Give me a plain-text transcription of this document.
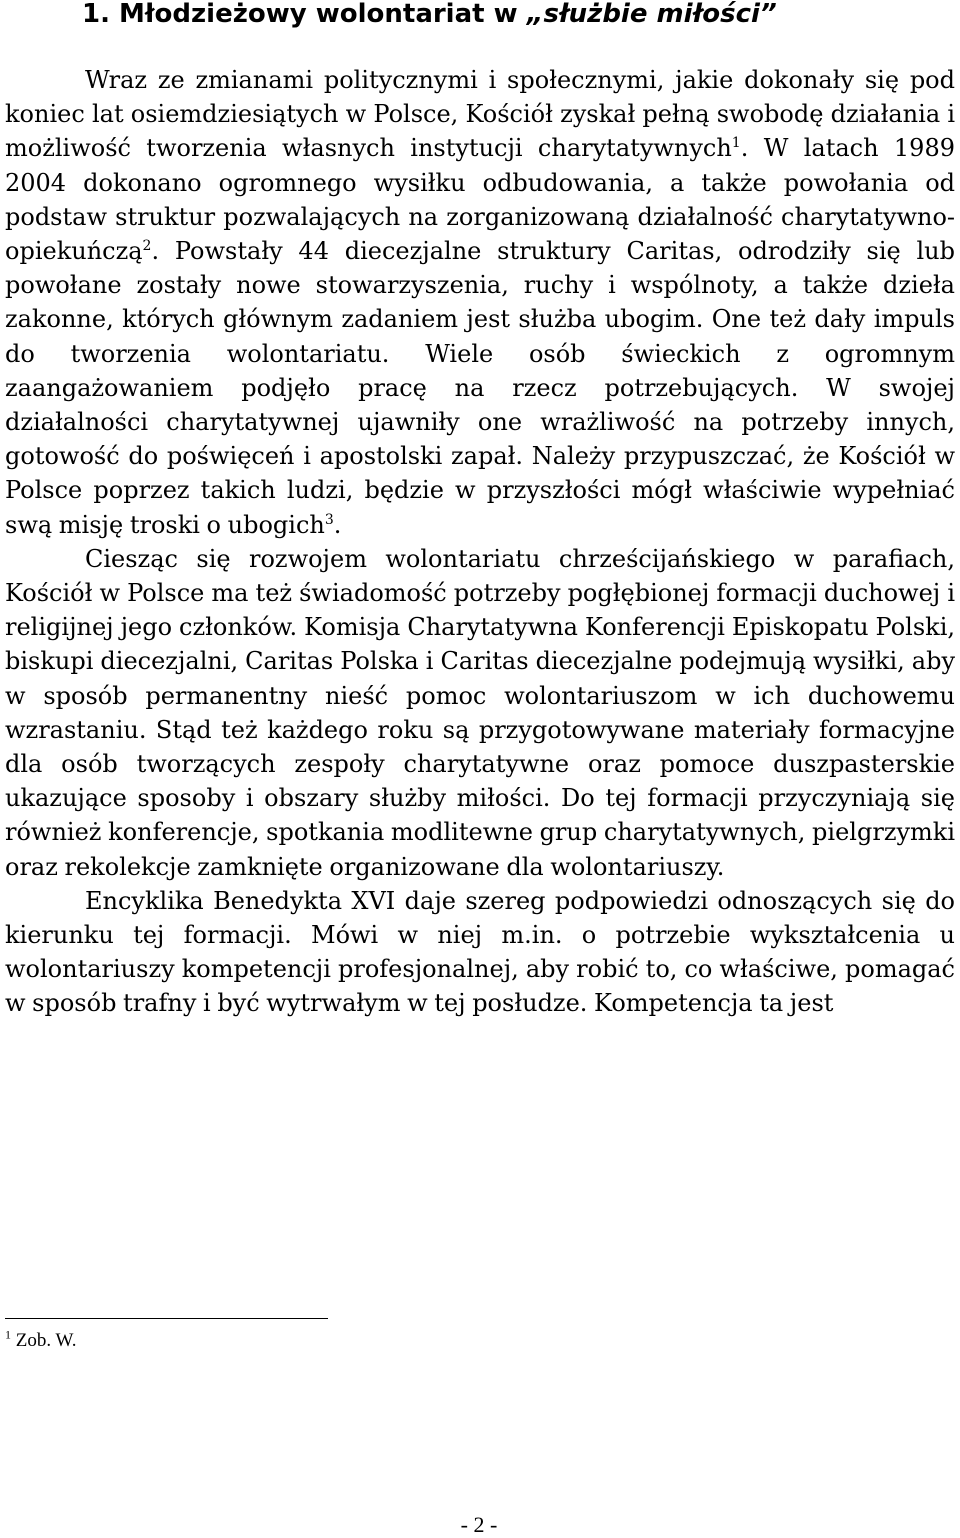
1. Młodzieżowy wolontariat w „służbie miłości”

Wraz ze zmianami politycznymi i społecznymi, jakie dokonały się pod koniec lat osiemdziesiątych w Polsce, Kościół zyskał pełną swobodę działania i możliwość tworzenia własnych instytucji charytatywnych$^1$. W latach 1989 2004 dokonano ogromnego wysiłku odbudowania, a także powołania od podstaw struktur pozwalających na zorganizowaną działalność charytatywno-opiekuńczą$^2$. Powstały 44 diecezjalne struktury Caritas, odrodziły się lub powołane zostały nowe stowarzyszenia, ruchy i wspólnoty, a także dzieła zakonne, których głównym zadaniem jest służba ubogim. One też dały impuls do tworzenia wolontariatu. Wiele osób świeckich z ogromnym zaangażowaniem podjęło pracę na rzecz potrzebujących. W swojej działalności charytatywnej ujawniły one wrażliwość na potrzeby innych, gotowość do poświęceń i apostolski zapał. Należy przypuszczać, że Kościół w Polsce poprzez takich ludzi, będzie w przyszłości mógł właściwie wypełniać swą misję troski o ubogich$^3$.

Ciesząc się rozwojem wolontariatu chrześcijańskiego w parafiach, Kościół w Polsce ma też świadomość potrzeby pogłębionej formacji duchowej i religijnej jego członków. Komisja Charytatywna Konferencji Episkopatu Polski, biskupi diecezjalni, Caritas Polska i Caritas diecezjalne podejmują wysiłki, aby w sposób permanentny nieść pomoc wolontariuszom w ich duchowemu wzrastaniu. Stąd też każdego roku są przygotowywane materiały formacyjne dla osób tworzących zespoły charytatywne oraz pomoce duszpasterskie ukazujące sposoby i obszary służby miłości. Do tej formacji przyczyniają się również konferencje, spotkania modlitewne grup charytatywnych, pielgrzymki oraz rekolekcje zamknięte organizowane dla wolontariuszy.

Encyklika Benedykta XVI daje szereg podpowiedzi odnoszących się do kierunku tej formacji. Mówi w niej m.in. o potrzebie wykształcenia u wolontariuszy kompetencji profesjonalnej, aby robić to, co właściwe, pomagać w sposób trafny i być wytrwałym w tej posłudze. Kompetencja ta jest

$^1$ Zob. W.
- 2 -
